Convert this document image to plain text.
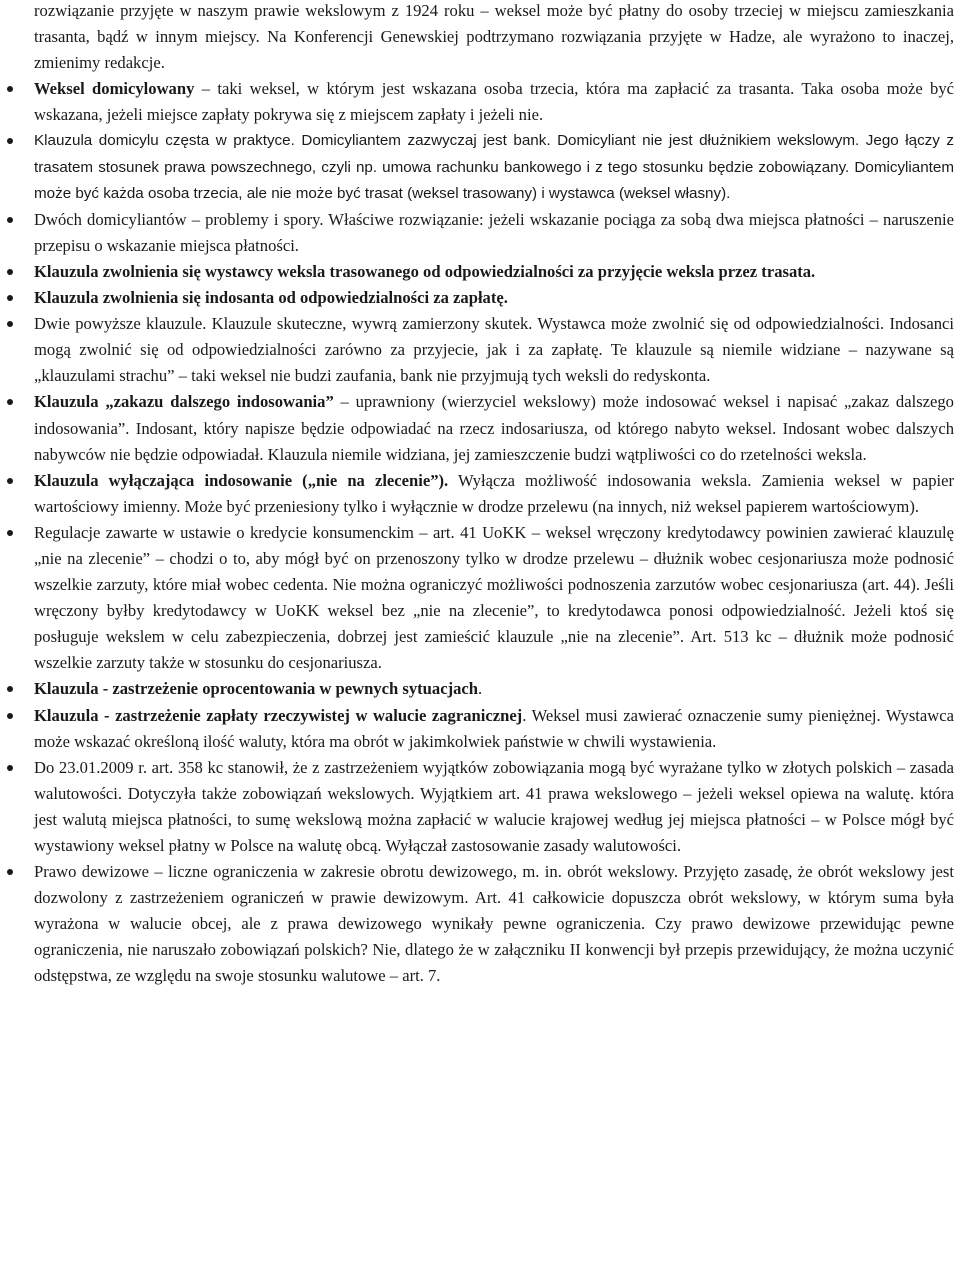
rozwiązanie przyjęte w naszym prawie wekslowym z 1924 roku – weksel może być płatny do osoby trzeciej w miejscu zamieszkania trasanta, bądź w innym miejscy. Na Konferencji Genewskiej podtrzymano rozwiązania przyjęte w Hadze, ale wyrażono to inaczej, zmienimy redakcje.

Weksel domicylowany – taki weksel, w którym jest wskazana osoba trzecia, która ma zapłacić za trasanta. Taka osoba może być wskazana, jeżeli miejsce zapłaty pokrywa się z miejscem zapłaty i jeżeli nie.
Klauzula domicylu częsta w praktyce. Domicyliantem zazwyczaj jest bank. Domicyliant nie jest dłużnikiem wekslowym. Jego łączy z trasatem stosunek prawa powszechnego, czyli np. umowa rachunku bankowego i z tego stosunku będzie zobowiązany. Domicyliantem może być każda osoba trzecia, ale nie może być trasat (weksel trasowany) i wystawca (weksel własny).
Dwóch domicyliantów – problemy i spory. Właściwe rozwiązanie: jeżeli wskazanie pociąga za sobą dwa miejsca płatności – naruszenie przepisu o wskazanie miejsca płatności.
Klauzula zwolnienia się wystawcy weksla trasowanego od odpowiedzialności za przyjęcie weksla przez trasata.
Klauzula zwolnienia się indosanta od odpowiedzialności za zapłatę.
Dwie powyższe klauzule. Klauzule skuteczne, wywrą zamierzony skutek. Wystawca może zwolnić się od odpowiedzialności. Indosanci mogą zwolnić się od odpowiedzialności zarówno za przyjecie, jak i za zapłatę. Te klauzule są niemile widziane – nazywane są „klauzulami strachu” – taki weksel nie budzi zaufania, bank nie przyjmują tych weksli do redyskonta.
Klauzula „zakazu dalszego indosowania” – uprawniony (wierzyciel wekslowy) może indosować weksel i napisać „zakaz dalszego indosowania”. Indosant, który napisze będzie odpowiadać na rzecz indosariusza, od którego nabyto weksel. Indosant wobec dalszych nabywców nie będzie odpowiadał. Klauzula niemile widziana, jej zamieszczenie budzi wątpliwości co do rzetelności weksla.
Klauzula wyłączająca indosowanie („nie na zlecenie”). Wyłącza możliwość indosowania weksla. Zamienia weksel w papier wartościowy imienny. Może być przeniesiony tylko i wyłącznie w drodze przelewu (na innych, niż weksel papierem wartościowym).
Regulacje zawarte w ustawie o kredycie konsumenckim – art. 41 UoKK – weksel wręczony kredytodawcy powinien zawierać klauzulę „nie na zlecenie” – chodzi o to, aby mógł być on przenoszony tylko w drodze przelewu – dłużnik wobec cesjonariusza może podnosić wszelkie zarzuty, które miał wobec cedenta. Nie można ograniczyć możliwości podnoszenia zarzutów wobec cesjonariusza (art. 44). Jeśli wręczony byłby kredytodawcy w UoKK weksel bez „nie na zlecenie”, to kredytodawca ponosi odpowiedzialność. Jeżeli ktoś się posługuje wekslem w celu zabezpieczenia, dobrzej jest zamieścić klauzule „nie na zlecenie”. Art. 513 kc – dłużnik może podnosić wszelkie zarzuty także w stosunku do cesjonariusza.
Klauzula - zastrzeżenie oprocentowania w pewnych sytuacjach.
Klauzula - zastrzeżenie zapłaty rzeczywistej w walucie zagranicznej. Weksel musi zawierać oznaczenie sumy pieniężnej. Wystawca może wskazać określoną ilość waluty, która ma obrót w jakimkolwiek państwie w chwili wystawienia.
Do 23.01.2009 r. art. 358 kc stanowił, że z zastrzeżeniem wyjątków zobowiązania mogą być wyrażane tylko w złotych polskich – zasada walutowości. Dotyczyła także zobowiązań wekslowych. Wyjątkiem art. 41 prawa wekslowego – jeżeli weksel opiewa na walutę. która jest walutą miejsca płatności, to sumę wekslową można zapłacić w walucie krajowej według jej miejsca płatności – w Polsce mógł być wystawiony weksel płatny w Polsce na walutę obcą. Wyłączał zastosowanie zasady walutowości.
Prawo dewizowe – liczne ograniczenia w zakresie obrotu dewizowego, m. in. obrót wekslowy. Przyjęto zasadę, że obrót wekslowy jest dozwolony z zastrzeżeniem ograniczeń w prawie dewizowym. Art. 41 całkowicie dopuszcza obrót wekslowy, w którym suma była wyrażona w walucie obcej, ale z prawa dewizowego wynikały pewne ograniczenia. Czy prawo dewizowe przewidując pewne ograniczenia, nie naruszało zobowiązań polskich? Nie, dlatego że w załączniku II konwencji był przepis przewidujący, że można uczynić odstępstwa, ze względu na swoje stosunku walutowe – art. 7.
